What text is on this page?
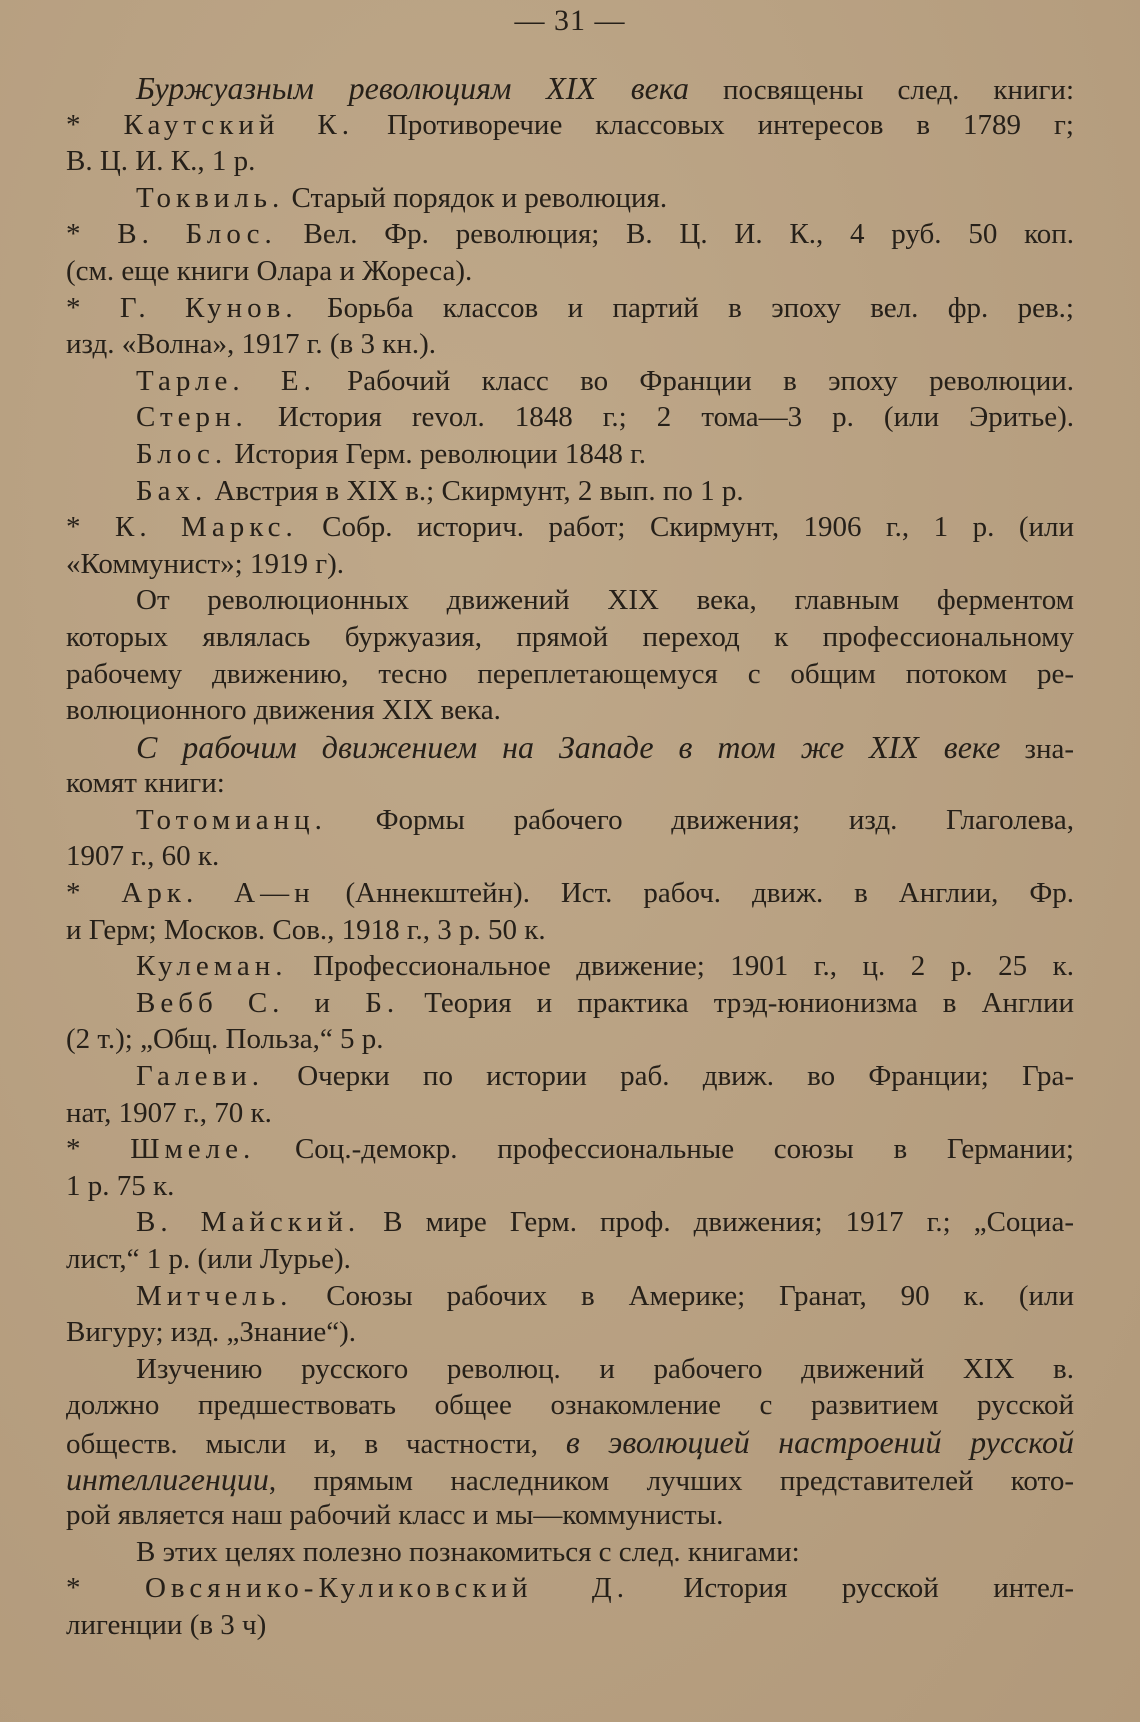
— 31 —
Буржуазным революциям XIX века посвящены след. книги:
* Каутский К. Противоречие классовых интересов в 1789 г;
В. Ц. И. К., 1 р.
Токвиль. Старый порядок и революция.
* В. Блос. Вел. Фр. революция; В. Ц. И. К., 4 руб. 50 коп.
(см. еще книги Олара и Жореса).
* Г. Кунов. Борьба классов и партий в эпоху вел. фр. рев.;
изд. «Волна», 1917 г. (в 3 кн.).
Тарле. Е. Рабочий класс во Франции в эпоху революции.
Стерн. История revол. 1848 г.; 2 тома—3 р. (или Эритье).
Блос. История Герм. революции 1848 г.
Бах. Австрия в XIX в.; Скирмунт, 2 вып. по 1 р.
* К. Маркс. Собр. историч. работ; Скирмунт, 1906 г., 1 р. (или
«Коммунист»; 1919 г).
От революционных движений XIX века, главным ферментом
которых являлась буржуазия, прямой переход к профессиональному
рабочему движению, тесно переплетающемуся с общим потоком ре-
волюционного движения XIX века.
С рабочим движением на Западе в том же XIX веке зна-
комят книги:
Тотомианц. Формы рабочего движения; изд. Глаголева,
1907 г., 60 к.
* Арк. А—н (Аннекштейн). Ист. рабоч. движ. в Англии, Фр.
и Герм; Москов. Сов., 1918 г., 3 р. 50 к.
Кулеман. Профессиональное движение; 1901 г., ц. 2 р. 25 к.
Вебб С. и Б. Теория и практика трэд-юнионизма в Англии
(2 т.); „Общ. Польза,“ 5 р.
Галеви. Очерки по истории раб. движ. во Франции; Гра-
нат, 1907 г., 70 к.
* Шмеле. Соц.-демокр. профессиональные союзы в Германии;
1 р. 75 к.
В. Майский. В мире Герм. проф. движения; 1917 г.; „Социа-
лист,“ 1 р. (или Лурье).
Митчель. Союзы рабочих в Америке; Гранат, 90 к. (или
Вигуру; изд. „Знание“).
Изучению русского революц. и рабочего движений XIX в.
должно предшествовать общее ознакомление с развитием русской
обществ. мысли и, в частности, в эволюцией настроений русской
интеллигенции, прямым наследником лучших представителей кото-
рой является наш рабочий класс и мы—коммунисты.
В этих целях полезно познакомиться с след. книгами:
* Овсянико-Куликовский Д. История русской интел-
лигенции (в 3 ч)
